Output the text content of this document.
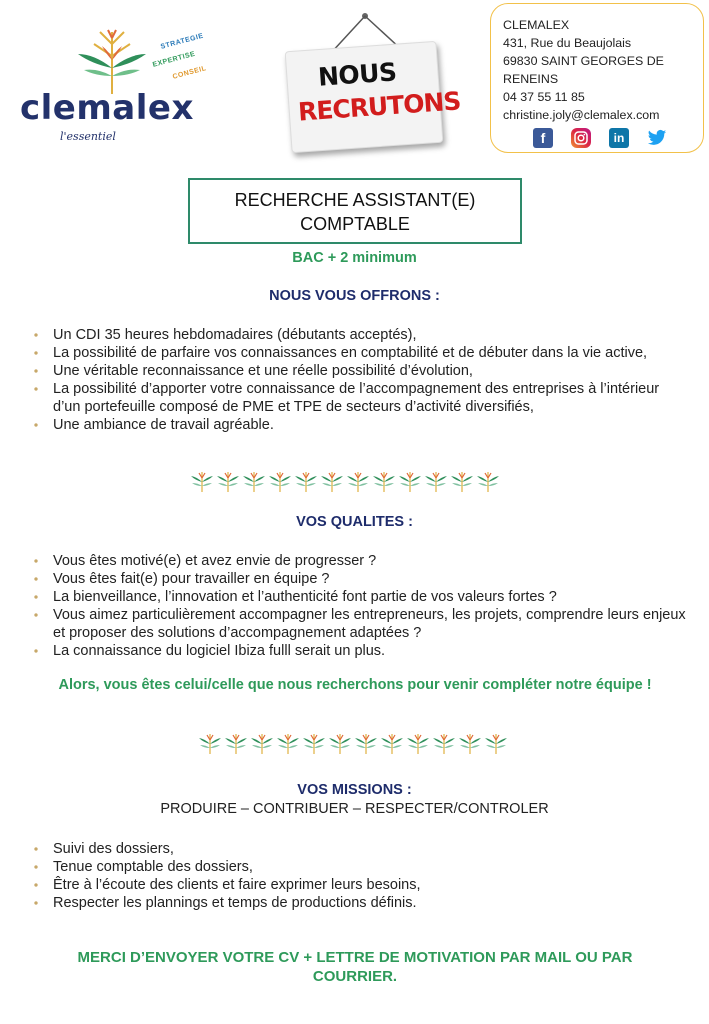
clemalex
l'essentiel
STRATEGIE
EXPERTISE
CONSEIL	NOUS
RECRUTONS
CLEMALEX
431, Rue du Beaujolais
69830 SAINT GEORGES DE
RENEINS
04 37 55 11 85
christine.joly@clemalex.com
f	in
RECHERCHE ASSISTANT(E)
COMPTABLE
BAC + 2 minimum
NOUS VOUS OFFRONS :
Un CDI 35 heures hebdomadaires (débutants acceptés),
La possibilité de parfaire vos connaissances en comptabilité et de débuter dans la vie active,
Une véritable reconnaissance et une réelle possibilité d’évolution,
La possibilité d’apporter votre connaissance de l’accompagnement des entreprises à l’intérieur d’un portefeuille composé de PME et TPE de secteurs d’activité diversifiés,
Une ambiance de travail agréable.
VOS QUALITES :
Vous êtes motivé(e) et avez envie de progresser ?
Vous êtes fait(e) pour travailler en équipe ?
La bienveillance, l’innovation et l’authenticité font partie de vos valeurs fortes ?
Vous aimez particulièrement accompagner les entrepreneurs, les projets, comprendre leurs enjeux et proposer des solutions d’accompagnement adaptées ?
La connaissance du logiciel Ibiza fulll serait un plus.
Alors, vous êtes celui/celle que nous recherchons pour venir compléter notre équipe !
VOS MISSIONS :
PRODUIRE – CONTRIBUER – RESPECTER/CONTROLER
Suivi des dossiers,
Tenue comptable des dossiers,
Être à l’écoute des clients et faire exprimer leurs besoins,
Respecter les plannings et temps de productions définis.
MERCI D’ENVOYER VOTRE CV + LETTRE DE MOTIVATION PAR MAIL OU PAR COURRIER.
